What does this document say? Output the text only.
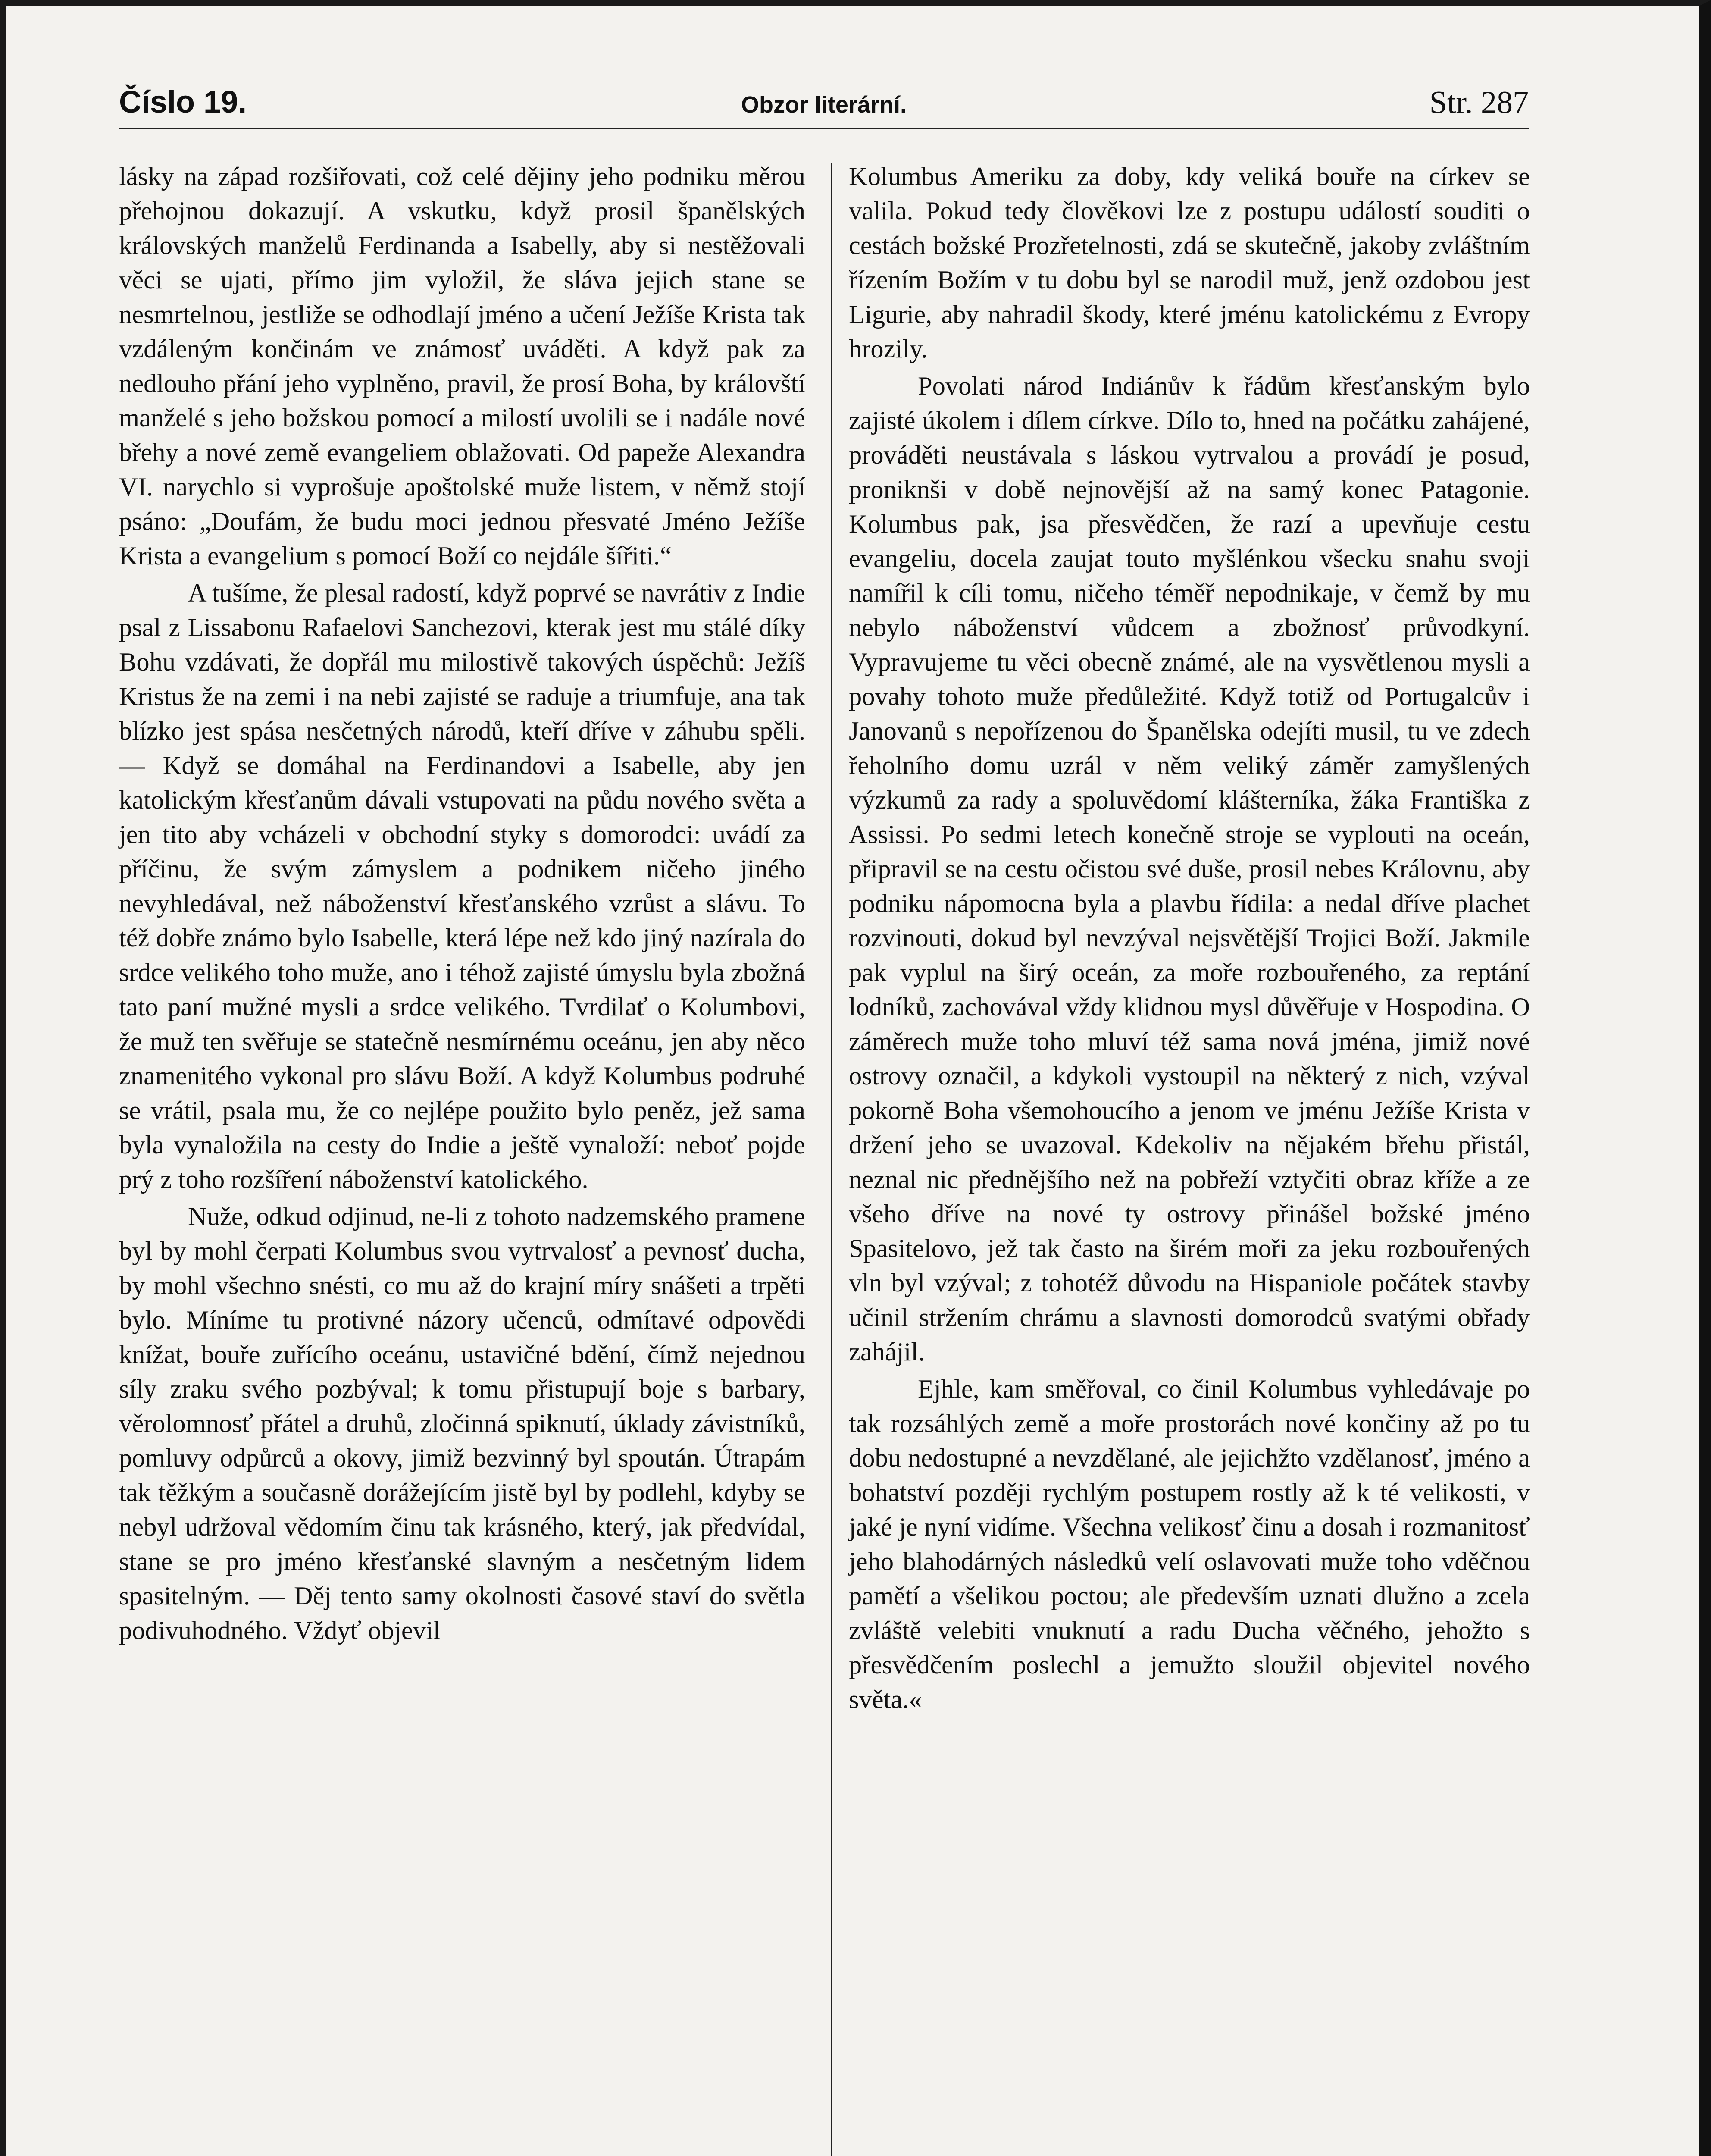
Číslo 19.	Obzor literární.	Str. 287

lásky na západ rozšiřovati, což celé dějiny jeho podniku měrou přehojnou dokazují. A vskutku, když prosil španělských královských manželů Ferdinanda a Isabelly, aby si nestěžovali věci se ujati, přímo jim vyložil, že sláva jejich stane se nesmrtelnou, jestliže se odhodlají jméno a učení Ježíše Krista tak vzdáleným končinám ve známosť uváděti. A když pak za nedlouho přání jeho vyplněno, pravil, že prosí Boha, by královští manželé s jeho božskou pomocí a milostí uvolili se i nadále nové břehy a nové země evangeliem oblažovati. Od papeže Alexandra VI. narychlo si vyprošuje apoštolské muže listem, v němž stojí psáno: „Doufám, že budu moci jednou přesvaté Jméno Ježíše Krista a evangelium s pomocí Boží co nejdále šířiti.“

A tušíme, že plesal radostí, když poprvé se navrátiv z Indie psal z Lissabonu Rafaelovi Sanchezovi, kterak jest mu stálé díky Bohu vzdávati, že dopřál mu milostivě takových úspěchů: Ježíš Kristus že na zemi i na nebi zajisté se raduje a triumfuje, ana tak blízko jest spása nesčetných národů, kteří dříve v záhubu spěli. — Když se domáhal na Ferdinandovi a Isabelle, aby jen katolickým křesťanům dávali vstupovati na půdu nového světa a jen tito aby vcházeli v obchodní styky s domorodci: uvádí za příčinu, že svým zámyslem a podnikem ničeho jiného nevyhledával, než náboženství křesťanského vzrůst a slávu. To též dobře známo bylo Isabelle, která lépe než kdo jiný nazírala do srdce velikého toho muže, ano i téhož zajisté úmyslu byla zbožná tato paní mužné mysli a srdce velikého. Tvrdilať o Kolumbovi, že muž ten svěřuje se statečně nesmírnému oceánu, jen aby něco znamenitého vykonal pro slávu Boží. A když Kolumbus podruhé se vrátil, psala mu, že co nejlépe použito bylo peněz, jež sama byla vynaložila na cesty do Indie a ještě vynaloží: neboť pojde prý z toho rozšíření náboženství katolického.

Nuže, odkud odjinud, ne-li z tohoto nadzemského pramene byl by mohl čerpati Kolumbus svou vytrvalosť a pevnosť ducha, by mohl všechno snésti, co mu až do krajní míry snášeti a trpěti bylo. Míníme tu protivné názory učenců, odmítavé odpovědi knížat, bouře zuřícího oceánu, ustavičné bdění, čímž nejednou síly zraku svého pozbýval; k tomu přistupují boje s barbary, věrolomnosť přátel a druhů, zločinná spiknutí, úklady závistníků, pomluvy odpůrců a okovy, jimiž bezvinný byl spoután. Útrapám tak těžkým a současně dorážejícím jistě byl by podlehl, kdyby se nebyl udržoval vědomím činu tak krásného, který, jak předvídal, stane se pro jméno křesťanské slavným a nesčetným lidem spasitelným. — Děj tento samy okolnosti časové staví do světla podivuhodného. Vždyť objevil

Kolumbus Ameriku za doby, kdy veliká bouře na církev se valila. Pokud tedy člověkovi lze z postupu událostí souditi o cestách božské Prozřetelnosti, zdá se skutečně, jakoby zvláštním řízením Božím v tu dobu byl se narodil muž, jenž ozdobou jest Ligurie, aby nahradil škody, které jménu katolickému z Evropy hrozily.

Povolati národ Indiánův k řádům křesťanským bylo zajisté úkolem i dílem církve. Dílo to, hned na počátku zahájené, prováděti neustávala s láskou vytrvalou a provádí je posud, proniknši v době nejnovější až na samý konec Patagonie. Kolumbus pak, jsa přesvědčen, že razí a upevňuje cestu evangeliu, docela zaujat touto myšlénkou všecku snahu svoji namířil k cíli tomu, ničeho téměř nepodnikaje, v čemž by mu nebylo náboženství vůdcem a zbožnosť průvodkyní. Vypravujeme tu věci obecně známé, ale na vysvětlenou mysli a povahy tohoto muže předůležité. Když totiž od Portugalcův i Janovanů s nepořízenou do Španělska odejíti musil, tu ve zdech řeholního domu uzrál v něm veliký záměr zamyšlených výzkumů za rady a spoluvědomí klášterníka, žáka Františka z Assissi. Po sedmi letech konečně stroje se vyplouti na oceán, připravil se na cestu očistou své duše, prosil nebes Královnu, aby podniku nápomocna byla a plavbu řídila: a nedal dříve plachet rozvinouti, dokud byl nevzýval nejsvětější Trojici Boží. Jakmile pak vyplul na širý oceán, za moře rozbouřeného, za reptání lodníků, zachovával vždy klidnou mysl důvěřuje v Hospodina. O záměrech muže toho mluví též sama nová jména, jimiž nové ostrovy označil, a kdykoli vystoupil na některý z nich, vzýval pokorně Boha všemohoucího a jenom ve jménu Ježíše Krista v držení jeho se uvazoval. Kdekoliv na nějakém břehu přistál, neznal nic přednějšího než na pobřeží vztyčiti obraz kříže a ze všeho dříve na nové ty ostrovy přinášel božské jméno Spasitelovo, jež tak často na širém moři za jeku rozbouřených vln byl vzýval; z tohotéž důvodu na Hispaniole počátek stavby učinil stržením chrámu a slavnosti domorodců svatými obřady zahájil.

Ejhle, kam směřoval, co činil Kolumbus vyhledávaje po tak rozsáhlých země a moře prostorách nové končiny až po tu dobu nedostupné a nevzdělané, ale jejichžto vzdělanosť, jméno a bohatství později rychlým postupem rostly až k té velikosti, v jaké je nyní vidíme. Všechna velikosť činu a dosah i rozmanitosť jeho blahodárných následků velí oslavovati muže toho vděčnou pamětí a všelikou poctou; ale především uznati dlužno a zcela zvláště velebiti vnuknutí a radu Ducha věčného, jehožto s přesvědčením poslechl a jemužto sloužil objevitel nového světa.«
